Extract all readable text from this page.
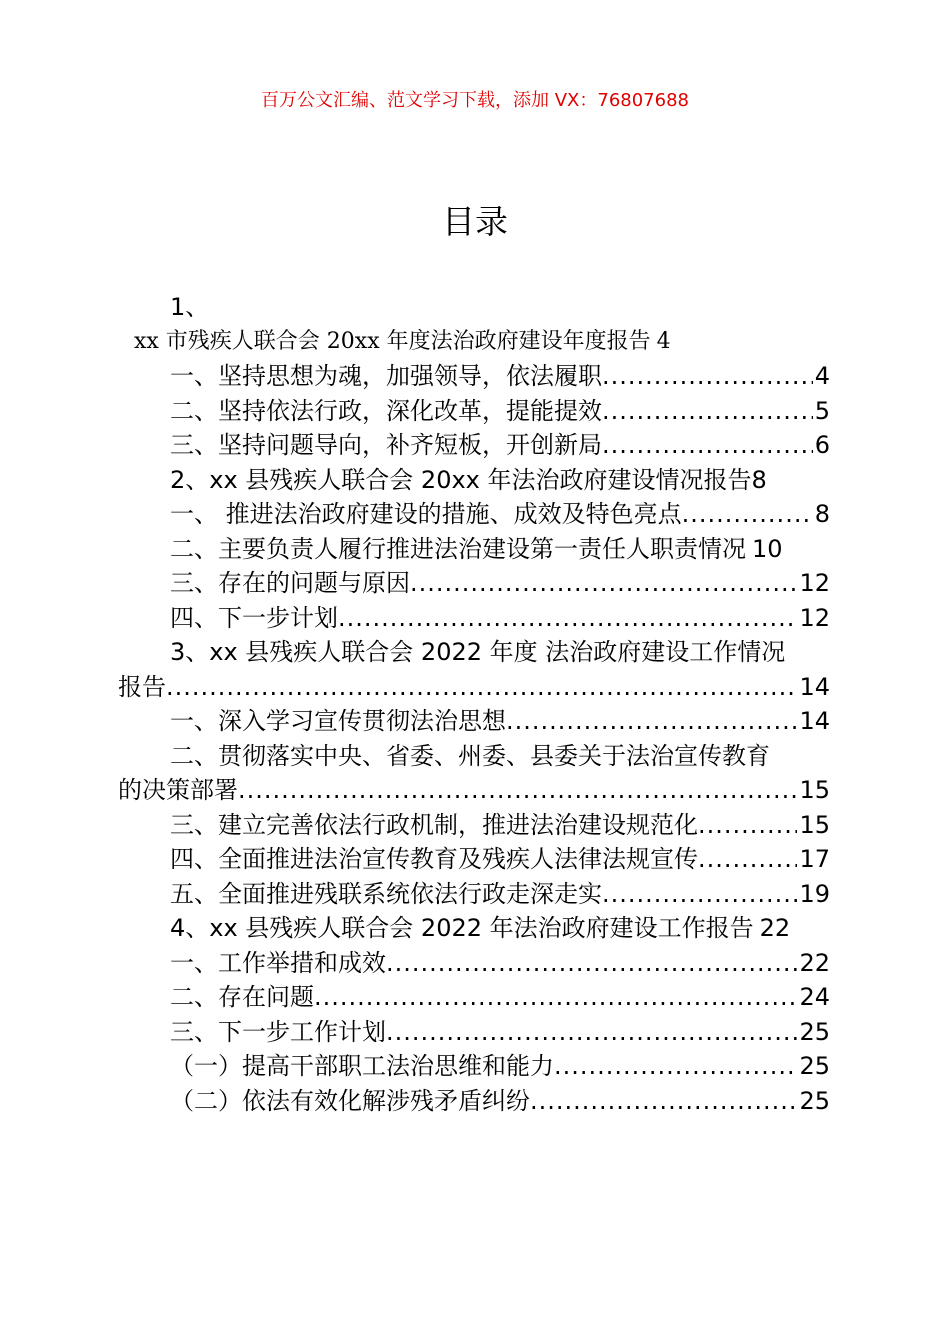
百万公文汇编、范文学习下载，添加 VX：76807688
目录
1、
xx 市残疾人联合会 20xx 年度法治政府建设年度报告 4
一、坚持思想为魂，加强领导，依法履职 .....	4
二、坚持依法行政，深化改革，提能提效 .....	5
三、坚持问题导向，补齐短板，开创新局 .....	6
2、xx 县残疾人联合会 20xx 年法治政府建设情况报告 8
一、 推进法治政府建设的措施、成效及特色亮点 .....	8
二、主要负责人履行推进法治建设第一责任人职责情况 10
三、存在的问题与原因 .....	12
四、下一步计划 .....	12
3、xx 县残疾人联合会 2022 年度 法治政府建设工作情况
报告 .....	14
一、深入学习宣传贯彻法治思想 .....	14
二、贯彻落实中央、省委、州委、县委关于法治宣传教育
的决策部署 .....	15
三、建立完善依法行政机制，推进法治建设规范化 .....	15
四、全面推进法治宣传教育及残疾人法律法规宣传 .....	17
五、全面推进残联系统依法行政走深走实 .....	19
4、xx 县残疾人联合会 2022 年法治政府建设工作报告 22
一、工作举措和成效 .....	22
二、存在问题 .....	24
三、下一步工作计划 .....	25
（一）提高干部职工法治思维和能力 .....	25
（二）依法有效化解涉残矛盾纠纷 .....	25
